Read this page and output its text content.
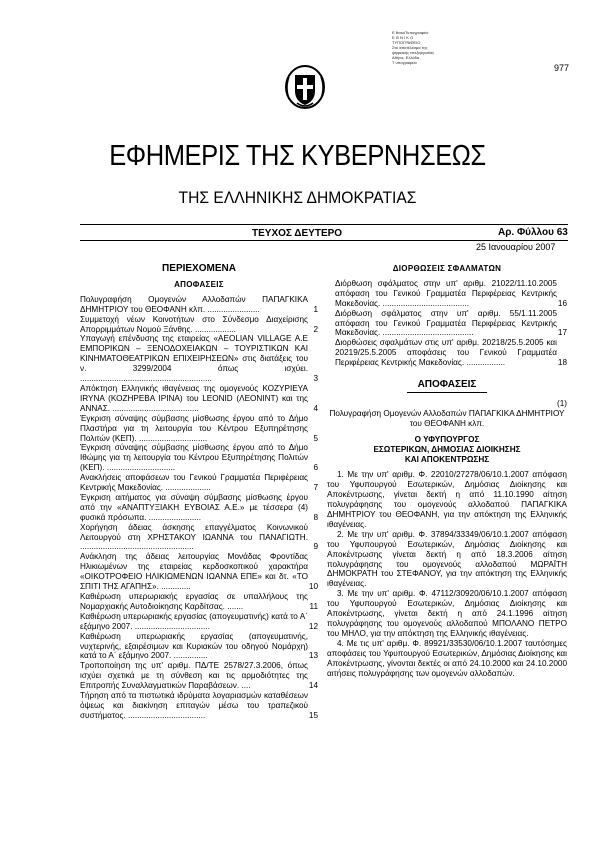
977
Ε θνικόΤυπογραφείο
Ε Θ Ν Ι Κ Ο
ΤΥΠΟΓΡΑΦΕΙΟ
Στο αποτέλεσμα της
ψηφιακής επεξεργασίας
Αθήνα, Ελλάδα
Τ υπογραφείο
ΕΦΗΜΕΡΙΣ ΤΗΣ ΚΥΒΕΡΝΗΣΕΩΣ
ΤΗΣ ΕΛΛΗΝΙΚΗΣ ΔΗΜΟΚΡΑΤΙΑΣ
ΤΕΥΧΟΣ ΔΕΥΤΕΡΟ	Αρ. Φύλλου 63
25 Ιανουαρίου 2007
ΠΕΡΙΕΧΟΜΕΝΑ
ΑΠΟΦΑΣΕΙΣ

Πολυγραφήση Ομογενών Αλλοδαπών ΠΑΠΑΓΚΙΚΑ ΔΗΜΗΤΡΙΟΥ του ΘΕΟΦΑΝΗ κλπ. .......................	1

Συμμετοχή νέων Κοινοτήτων στο Σύνδεσμο Διαχείρισης Απορριμμάτων Νομού Ξάνθης. ..................	2

Υπαγωγή επένδυσης της εταιρείας «AEOLIAN VILLAGE A.E ΕΜΠΟΡΙΚΩΝ – ΞΕΝΟΔΟΧΕΙΑΚΩΝ – ΤΟΥΡΙΣΤΙΚΩΝ ΚΑΙ ΚΙΝΗΜΑΤΟΘΕΑΤΡΙΚΩΝ ΕΠΙΧΕΙΡΗΣΕΩΝ» στις διατάξεις του ν. 3299/2004 όπως ισχύει. ..........................................................	3

Απόκτηση Ελληνικής ιθαγένειας της ομογενούς ΚΟΖΥΡΙΕΥΑ IRYNA (ΚΟΖΗΡΕΒΑ ΙΡΙΝΑ) του LEONID (ΛΕΟΝΙΝΤ) και της ΑΝΝΑΣ. ......................................	4

Έγκριση σύναψης σύμβασης μίσθωσης έργου από το Δήμο Πλαστήρα για τη λειτουργία του Κέντρου Εξυπηρέτησης Πολιτών (ΚΕΠ). ..............................	5

Έγκριση σύναψης σύμβασης μίσθωσης έργου από το Δήμο Ιθώμης για τη λειτουργία του Κέντρου Εξυπηρέτησης Πολιτών (ΚΕΠ). ..............................	6

Ανακλήσεις αποφάσεων του Γενικού Γραμματέα Περιφέρειας Κεντρικής Μακεδονίας. ....................	7

Έγκριση αιτήματος για σύναψη σύμβασης μίσθωσης έργου από την «ΑΝΑΠΤΥΞΙΑΚΗ ΕΥΒΟΙΑΣ Α.Ε.» με τέσσερα (4) φυσικά πρόσωπα. .......................	8

Χορήγηση άδειας άσκησης επαγγέλματος Κοινωνικού Λειτουργού στη ΧΡΗΣΤΑΚΟΥ ΙΩΑΝΝΑ του ΠΑΝΑΓΙΩΤΗ. ..................................................	9

Ανάκληση της άδειας λειτουργίας Μονάδας Φροντίδας Ηλικιωμένων της εταιρείας κερδοσκοπικού χαρακτήρα «ΟΙΚΟΤΡΟΦΕΙΟ ΗΛΙΚΙΩΜΕΝΩΝ ΙΩΑΝΝΑ ΕΠΕ» και δτ. «ΤΟ ΣΠΙΤΙ ΤΗΣ ΑΓΑΠΗΣ». .............	10

Καθιέρωση υπερωριακής εργασίας σε υπαλλήλους της Νομαρχιακής Αυτοδιοίκησης Καρδίτσας. .......	11

Καθιέρωση υπερωριακής εργασίας (απογευματινής) κατά το Α΄ εξάμηνο 2007. .................................	12

Καθιέρωση υπερωριακής εργασίας (απογευματινής, νυχτερινής, εξαιρέσιμων και Κυριακών του οδηγού Νομάρχη) κατά το Α΄ εξάμηνο 2007. ...............	13

Τροποποίηση της υπ' αριθμ. ΠΔ/ΤΕ 2578/27.3.2006, όπως ισχύει σχετικά με τη σύνθεση και τις αρμοδιότητες της Επιτροπής Συναλλαγματικών Παραβάσεων. ....	14

Τήρηση από τα πιστωτικά ιδρύματα λογαριασμών καταθέσεων όψεως και διακίνηση επιταγών μέσω του τραπεζικού συστήματος. ..................................	15

ΔΙΟΡΘΩΣΕΙΣ ΣΦΑΛΜΑΤΩΝ

Διόρθωση σφάλματος στην υπ' αριθμ. 21022/11.10.2005 απόφαση του Γενικού Γραμματέα Περιφέρειας Κεντρικής Μακεδονίας. ......................................	16

Διόρθωση σφάλματος στην υπ' αριθμ. 55/1.11.2005 απόφαση του Γενικού Γραμματέα Περιφέρειας Κεντρικής Μακεδονίας. ........................................	17

Διορθώσεις σφαλμάτων στις υπ' αριθμ. 20218/25.5.2005 και 20219/25.5.2005 αποφάσεις του Γενικού Γραμματέα Περιφέρειας Κεντρικής Μακεδονίας. .................	18

ΑΠΟΦΑΣΕΙΣ
(1)

Πολυγραφήση Ομογενών Αλλοδαπών ΠΑΠΑΓΚΙΚΑ ΔΗΜΗΤΡΙΟΥ του ΘΕΟΦΑΝΗ κλπ.

Ο ΥΦΥΠΟΥΡΓΟΣ

ΕΣΩΤΕΡΙΚΩΝ, ΔΗΜΟΣΙΑΣ ΔΙΟΙΚΗΣΗΣ

ΚΑΙ ΑΠΟΚΕΝΤΡΩΣΗΣ

1. Με την υπ' αριθμ. Φ. 22010/27278/06/10.1.2007 απόφαση του Υφυπουργού Εσωτερικών, Δημόσιας Διοίκησης και Αποκέντρωσης, γίνεται δεκτή η από 11.10.1990 αίτηση πολυγράφησης του ομογενούς αλλοδαπού ΠΑΠΑΓΚΙΚΑ ΔΗΜΗΤΡΙΟΥ του ΘΕΟΦΑΝΗ, για την απόκτηση της Ελληνικής ιθαγένειας.

2. Με την υπ' αριθμ. Φ. 37894/33349/06/10.1.2007 απόφαση του Υφυπουργού Εσωτερικών, Δημόσιας Διοίκησης και Αποκέντρωσης γίνεται δεκτή η από 18.3.2006 αίτηση πολυγράφησης του ομογενούς αλλοδαπού ΜΩΡΑΪΤΗ ΔΗΜΟΚΡΑΤΗ του ΣΤΕΦΑΝΟΥ, για την απόκτηση της Ελληνικής ιθαγένειας.

3. Με την υπ' αριθμ. Φ. 47112/30920/06/10.1.2007 απόφαση του Υφυπουργού Εσωτερικών, Δημόσιας Διοίκησης και Αποκέντρωσης, γίνεται δεκτή η από 24.1.1996 αίτηση πολυγράφησης του ομογενούς αλλοδαπού ΜΠΟΛΑΝΟ ΠΕΤΡΟ του ΜΗΛΟ, για την απόκτηση της Ελληνικής ιθαγένειας.

4. Με τις υπ' αριθμ. Φ. 89921/33530/06/10.1.2007 ταυτόσημες αποφάσεις του Υφυπουργού Εσωτερικών, Δημόσιας Διοίκησης και Αποκέντρωσης, γίνονται δεκτές οι από 24.10.2000 και 24.10.2000 αιτήσεις πολυγράφησης των ομογενών αλλοδαπών.
